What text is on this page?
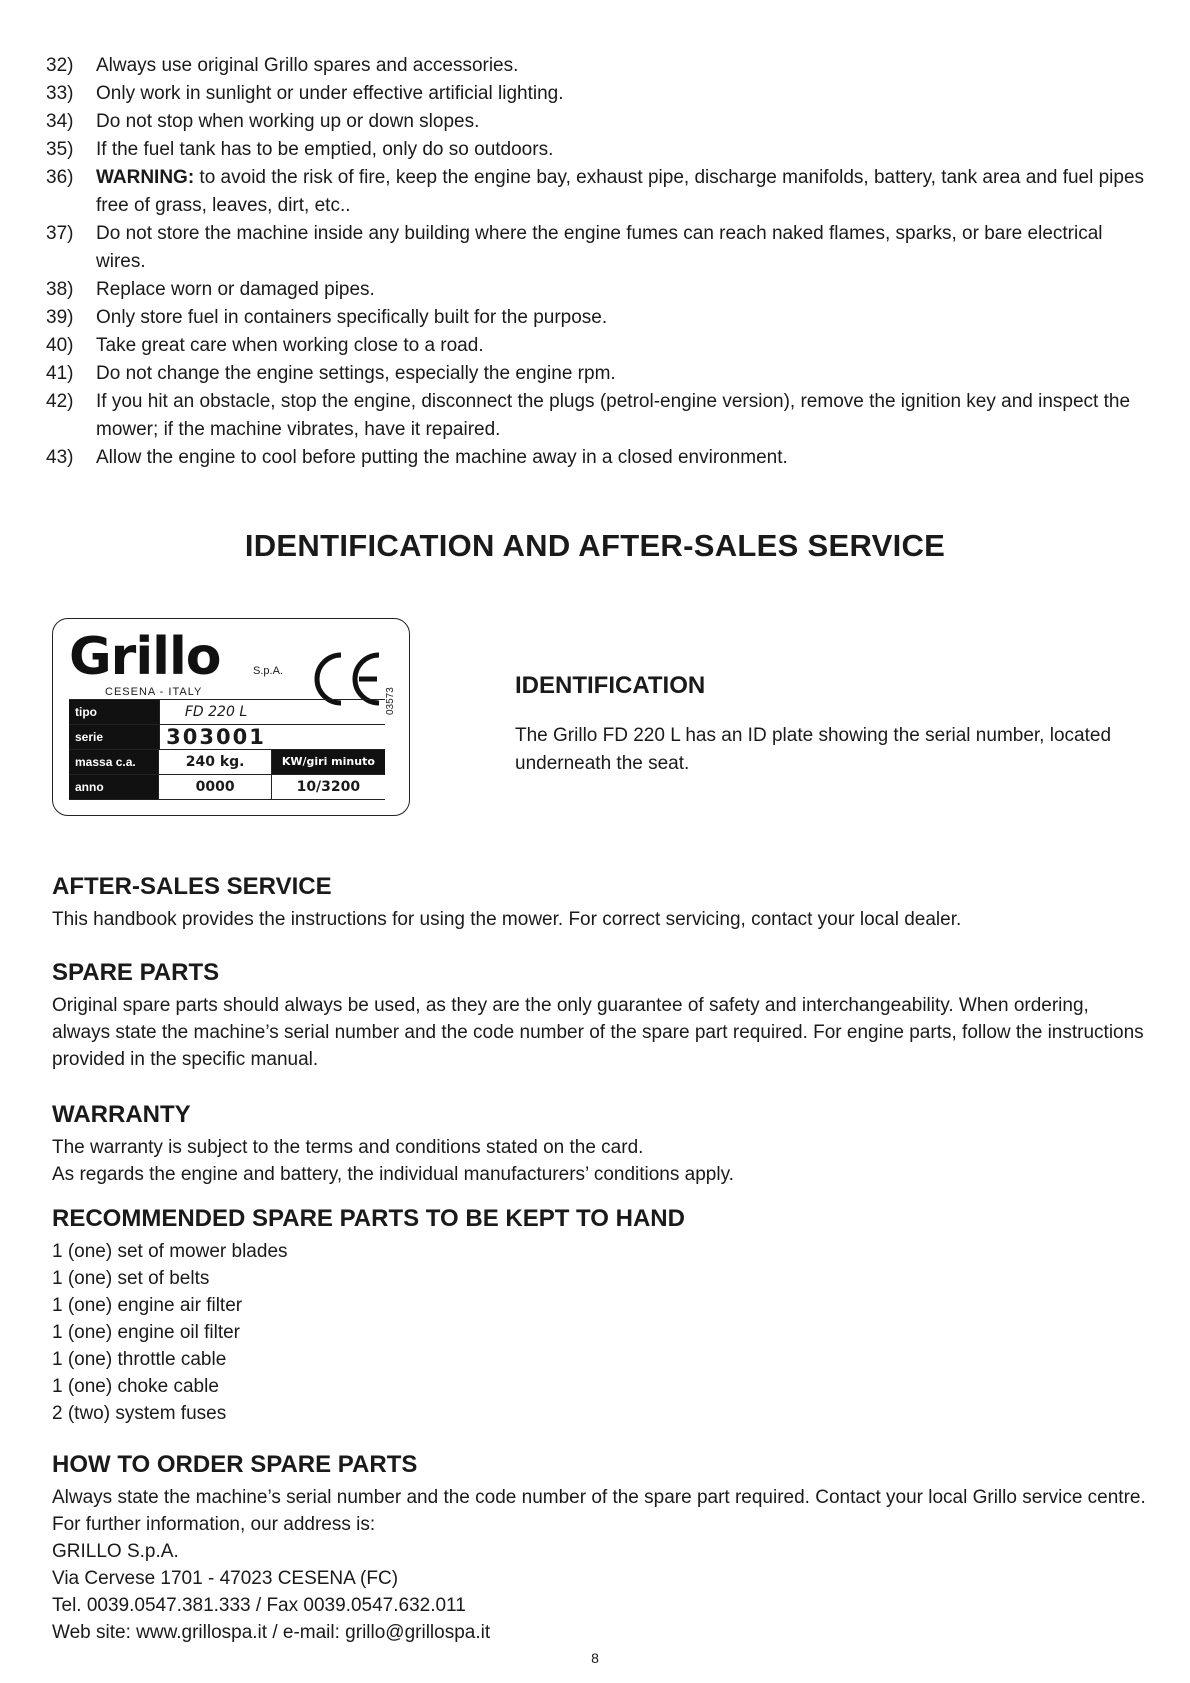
32)	Always use original Grillo spares and accessories.
33)	Only work in sunlight or under effective artificial lighting.
34)	Do not stop when working up or down slopes.
35)	If the fuel tank has to be emptied, only do so outdoors.
36)	WARNING: to avoid the risk of fire, keep the engine bay, exhaust pipe, discharge manifolds, battery, tank area and fuel pipes free of grass, leaves, dirt, etc..
37)	Do not store the machine inside any building where the engine fumes can reach naked flames, sparks, or bare electrical wires.
38)	Replace worn or damaged pipes.
39)	Only store fuel in containers specifically built for the purpose.
40)	Take great care when working close to a road.
41)	Do not change the engine settings, especially the engine rpm.
42)	If you hit an obstacle, stop the engine, disconnect the plugs (petrol-engine version), remove the ignition key and inspect the mower; if the machine vibrates, have it repaired.
43)	Allow the engine to cool before putting the machine away in a closed environment.
IDENTIFICATION AND AFTER-SALES SERVICE
Grillo	S.p.A.
CESENA - ITALY	03573
tipo	FD 220 L
serie	303001
massa c.a.	240 kg.	KW/giri minuto
anno	0000	10/3200
IDENTIFICATION

The Grillo FD 220 L has an ID plate showing the serial number, located underneath the seat.

AFTER-SALES SERVICE

This handbook provides the instructions for using the mower. For correct servicing, contact your local dealer.

SPARE PARTS

Original spare parts should always be used, as they are the only guarantee of safety and interchangeability. When ordering, always state the machine’s serial number and the code number of the spare part required. For engine parts, follow the instructions provided in the specific manual.

WARRANTY

The warranty is subject to the terms and conditions stated on the card.

As regards the engine and battery, the individual manufacturers’ conditions apply.

RECOMMENDED SPARE PARTS TO BE KEPT TO HAND
1 (one) set of mower blades
1 (one) set of belts
1 (one) engine air filter
1 (one) engine oil filter
1 (one) throttle cable
1 (one) choke cable
2 (two) system fuses
HOW TO ORDER SPARE PARTS

Always state the machine’s serial number and the code number of the spare part required. Contact your local Grillo service centre. For further information, our address is:

GRILLO S.p.A.

Via Cervese 1701 - 47023 CESENA (FC)

Tel. 0039.0547.381.333 / Fax 0039.0547.632.011

Web site: www.grillospa.it / e-mail: grillo@grillospa.it

8
